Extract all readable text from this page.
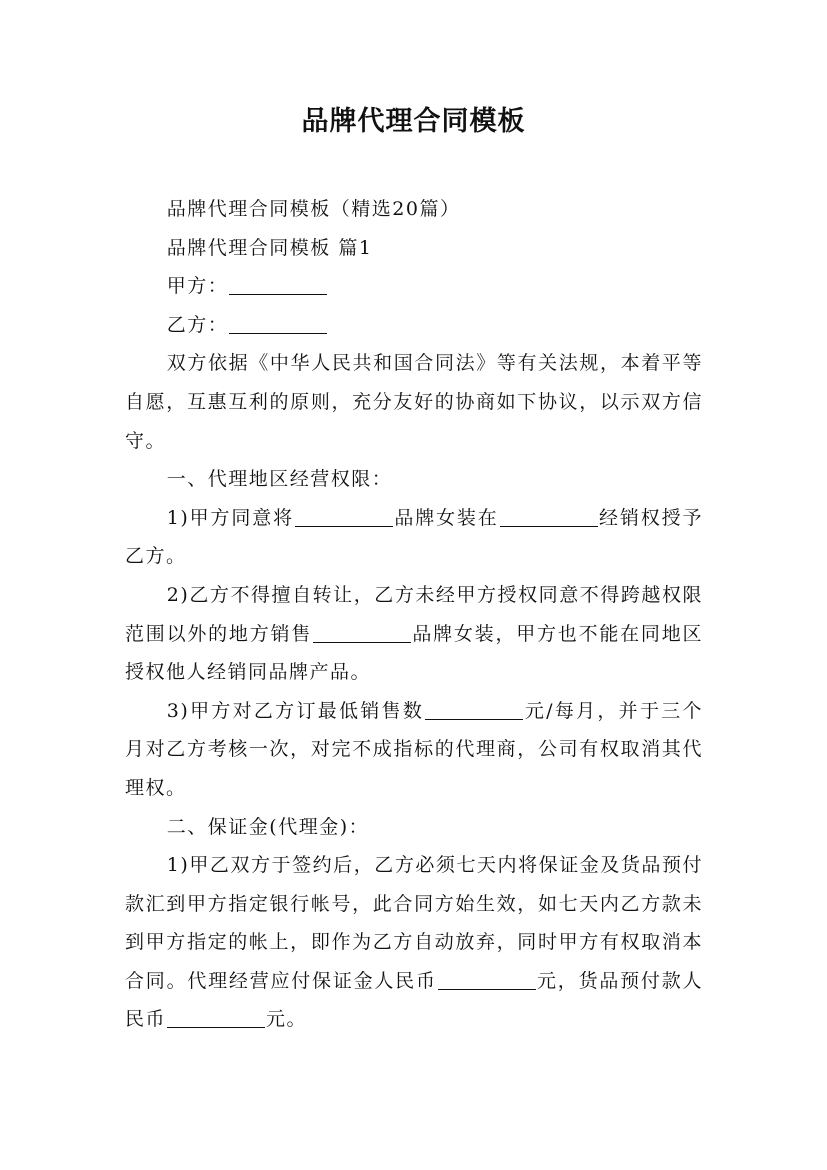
品牌代理合同模板

品牌代理合同模板（精选20篇）

品牌代理合同模板 篇1

甲方：

乙方：

双方依据《中华人民共和国合同法》等有关法规，本着平等自愿，互惠互利的原则，充分友好的协商如下协议，以示双方信守。

一、代理地区经营权限：

1)甲方同意将	品牌女装在	经销权授予乙方。

2)乙方不得擅自转让，乙方未经甲方授权同意不得跨越权限范围以外的地方销售	品牌女装，甲方也不能在同地区授权他人经销同品牌产品。

3)甲方对乙方订最低销售数	元/每月，并于三个月对乙方考核一次，对完不成指标的代理商，公司有权取消其代理权。

二、保证金(代理金)：

1)甲乙双方于签约后，乙方必须七天内将保证金及货品预付款汇到甲方指定银行帐号，此合同方始生效，如七天内乙方款未到甲方指定的帐上，即作为乙方自动放弃，同时甲方有权取消本合同。代理经营应付保证金人民币	元，货品预付款人民币	元。
